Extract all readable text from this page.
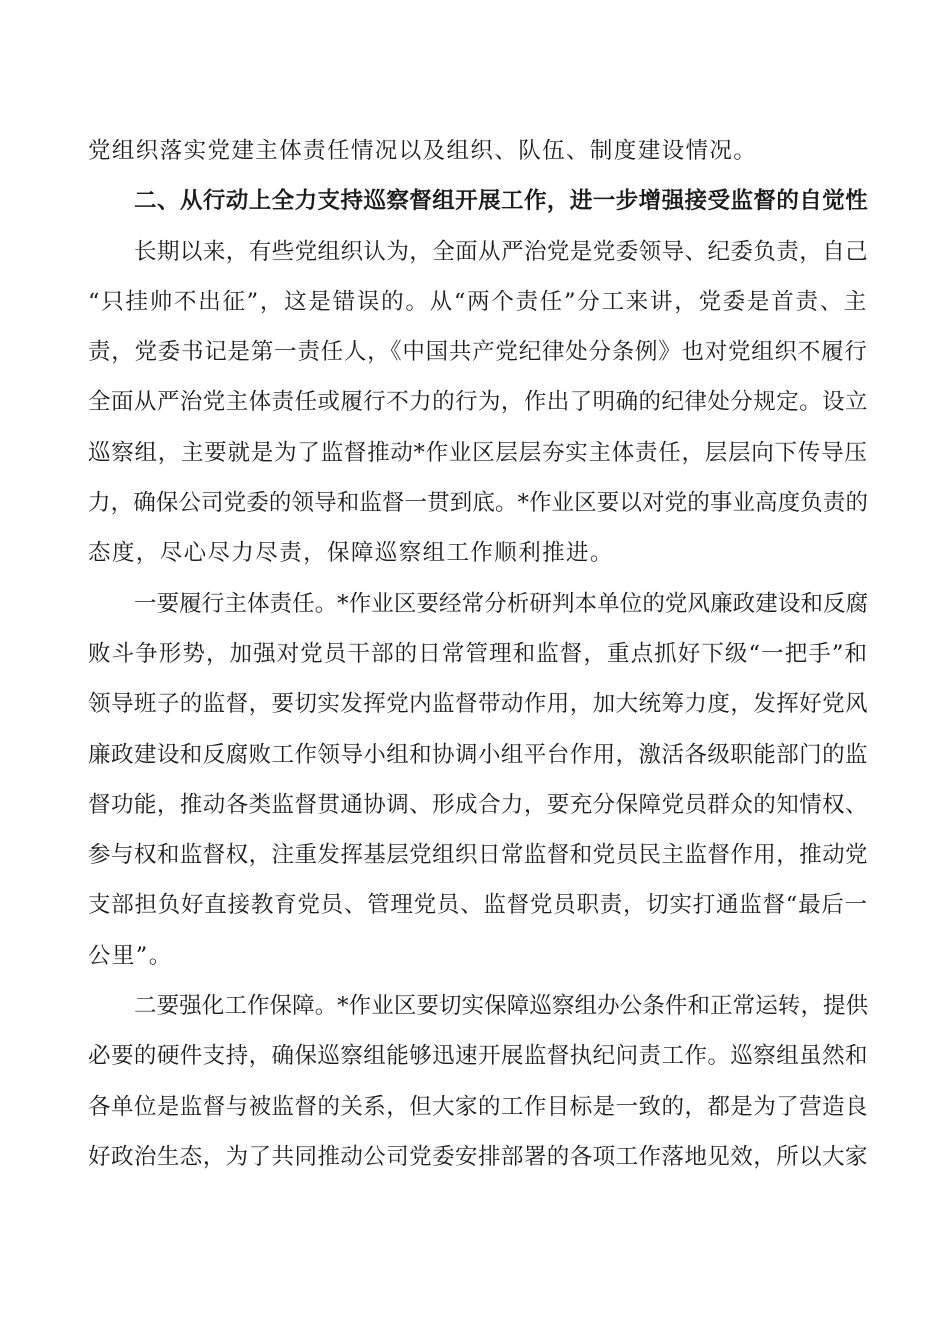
党组织落实党建主体责任情况以及组织、队伍、制度建设情况。
二、从行动上全力支持巡察督组开展工作，进一步增强接受监督的自觉性
长期以来，有些党组织认为，全面从严治党是党委领导、纪委负责，自己
“只挂帅不出征”，这是错误的。从“两个责任”分工来讲，党委是首责、主
责，党委书记是第一责任人，《中国共产党纪律处分条例》也对党组织不履行
全面从严治党主体责任或履行不力的行为，作出了明确的纪律处分规定。设立
巡察组，主要就是为了监督推动*作业区层层夯实主体责任，层层向下传导压
力，确保公司党委的领导和监督一贯到底。*作业区要以对党的事业高度负责的
态度，尽心尽力尽责，保障巡察组工作顺利推进。
一要履行主体责任。*作业区要经常分析研判本单位的党风廉政建设和反腐
败斗争形势，加强对党员干部的日常管理和监督，重点抓好下级“一把手”和
领导班子的监督，要切实发挥党内监督带动作用，加大统筹力度，发挥好党风
廉政建设和反腐败工作领导小组和协调小组平台作用，激活各级职能部门的监
督功能，推动各类监督贯通协调、形成合力，要充分保障党员群众的知情权、
参与权和监督权，注重发挥基层党组织日常监督和党员民主监督作用，推动党
支部担负好直接教育党员、管理党员、监督党员职责，切实打通监督“最后一
公里”。
二要强化工作保障。*作业区要切实保障巡察组办公条件和正常运转，提供
必要的硬件支持，确保巡察组能够迅速开展监督执纪问责工作。巡察组虽然和
各单位是监督与被监督的关系，但大家的工作目标是一致的，都是为了营造良
好政治生态，为了共同推动公司党委安排部署的各项工作落地见效，所以大家
